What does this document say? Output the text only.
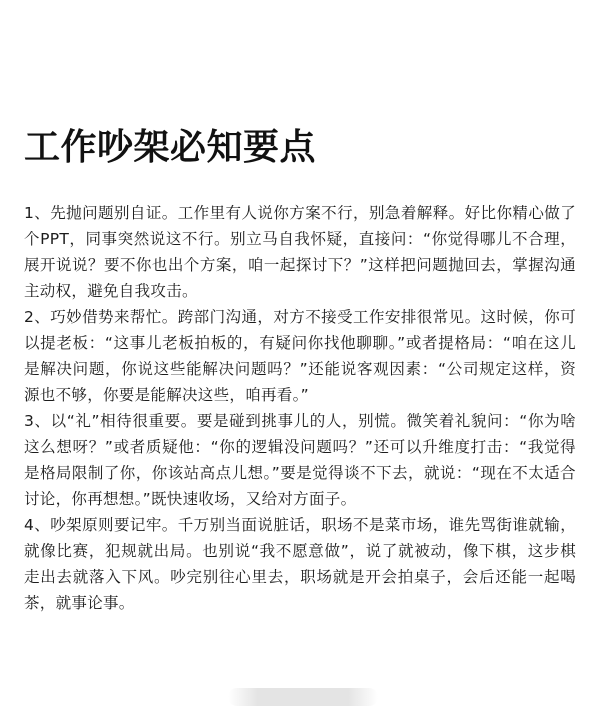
工作吵架必知要点

1、先抛问题别自证。工作里有人说你方案不行，别急着解释。好比你精心做了个PPT，同事突然说这不行。别立马自我怀疑，直接问：“你觉得哪儿不合理，展开说说？要不你也出个方案，咱一起探讨下？”这样把问题抛回去，掌握沟通主动权，避免自我攻击。

2、巧妙借势来帮忙。跨部门沟通，对方不接受工作安排很常见。这时候，你可以提老板：“这事儿老板拍板的，有疑问你找他聊聊。”或者提格局：“咱在这儿是解决问题，你说这些能解决问题吗？”还能说客观因素：“公司规定这样，资源也不够，你要是能解决这些，咱再看。”

3、以“礼”相待很重要。要是碰到挑事儿的人，别慌。微笑着礼貌问：“你为啥这么想呀？”或者质疑他：“你的逻辑没问题吗？”还可以升维度打击：“我觉得是格局限制了你，你该站高点儿想。”要是觉得谈不下去，就说：“现在不太适合讨论，你再想想。”既快速收场，又给对方面子。

4、吵架原则要记牢。千万别当面说脏话，职场不是菜市场，谁先骂街谁就输，就像比赛，犯规就出局。也别说“我不愿意做”，说了就被动，像下棋，这步棋走出去就落入下风。吵完别往心里去，职场就是开会拍桌子，会后还能一起喝茶，就事论事。
